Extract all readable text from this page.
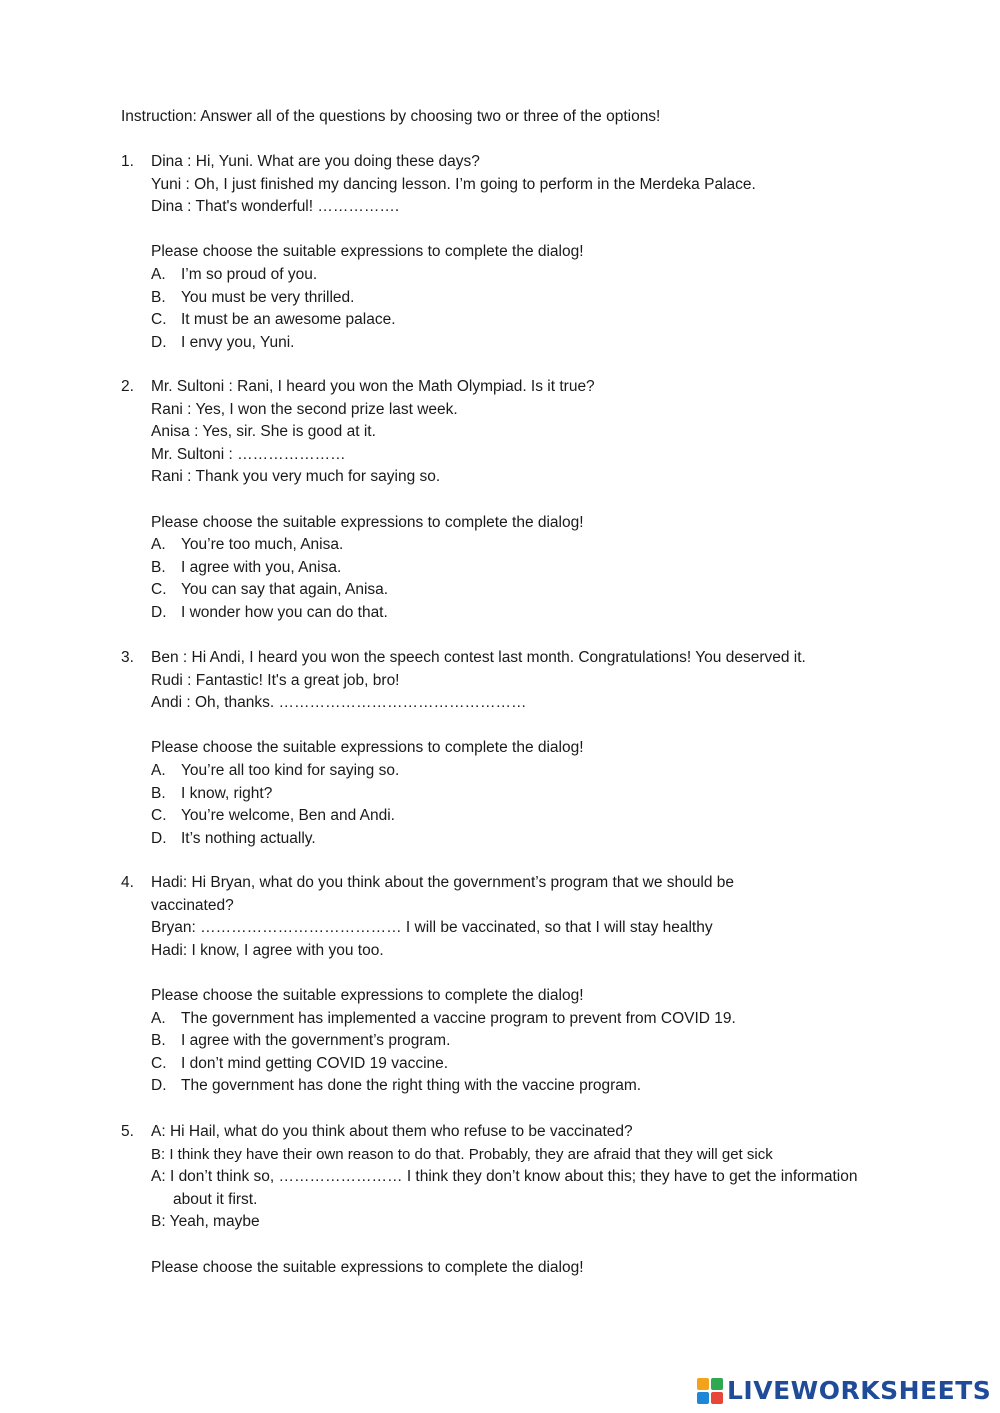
Instruction: Answer all of the questions by choosing two or three of the options!
1. Dina : Hi, Yuni. What are you doing these days?
Yuni : Oh, I just finished my dancing lesson. I’m going to perform in the Merdeka Palace.
Dina : That's wonderful! …………….
Please choose the suitable expressions to complete the dialog!
A. I’m so proud of you.
B. You must be very thrilled.
C. It must be an awesome palace.
D. I envy you, Yuni.
2. Mr. Sultoni : Rani, I heard you won the Math Olympiad. Is it true?
Rani : Yes, I won the second prize last week.
Anisa : Yes, sir. She is good at it.
Mr. Sultoni : …………………
Rani : Thank you very much for saying so.
Please choose the suitable expressions to complete the dialog!
A. You’re too much, Anisa.
B. I agree with you, Anisa.
C. You can say that again, Anisa.
D. I wonder how you can do that.
3. Ben : Hi Andi, I heard you won the speech contest last month. Congratulations! You deserved it.
Rudi : Fantastic! It's a great job, bro!
Andi : Oh, thanks. …………………………………………
Please choose the suitable expressions to complete the dialog!
A. You’re all too kind for saying so.
B. I know, right?
C. You’re welcome, Ben and Andi.
D. It’s nothing actually.
4. Hadi: Hi Bryan, what do you think about the government’s program that we should be vaccinated?
Bryan: ………………………………… I will be vaccinated, so that I will stay healthy
Hadi: I know, I agree with you too.
Please choose the suitable expressions to complete the dialog!
A. The government has implemented a vaccine program to prevent from COVID 19.
B. I agree with the government’s program.
C. I don’t mind getting COVID 19 vaccine.
D. The government has done the right thing with the vaccine program.
5. A: Hi Hail, what do you think about them who refuse to be vaccinated?
B: I think they have their own reason to do that. Probably, they are afraid that they will get sick
A: I don’t think so, …………………… I think they don’t know about this; they have to get the information about it first.
B: Yeah, maybe
Please choose the suitable expressions to complete the dialog!
LIVEWORKSHEETS
